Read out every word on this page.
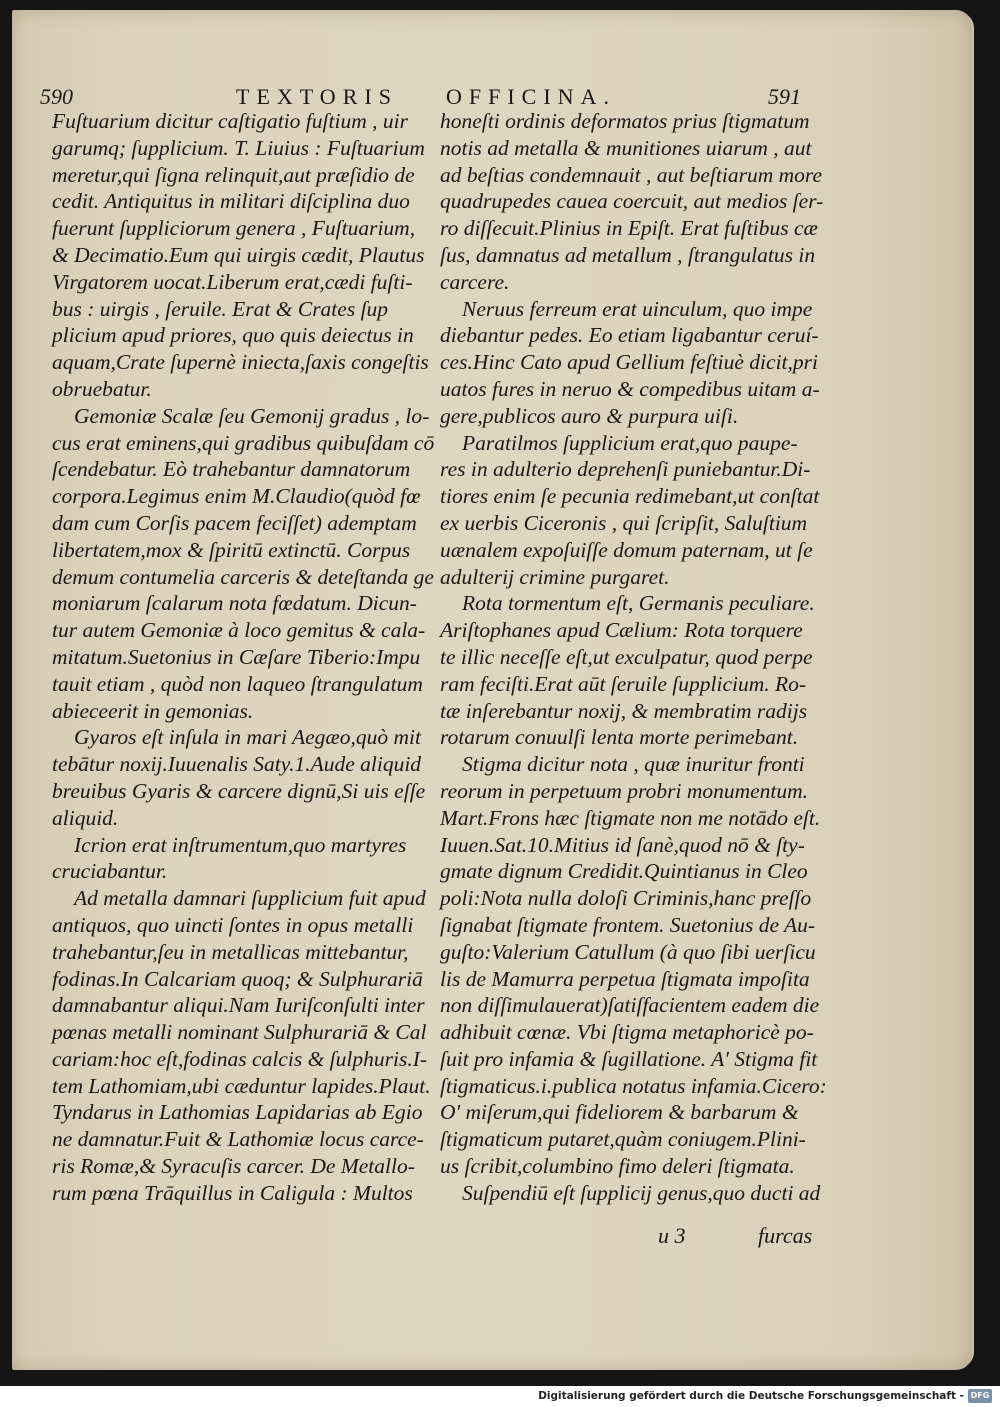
590	TEXTORIS OFFICINA.	591
Fuſtuarium dicitur caſtigatio fuſtium , uir
garumq; ſupplicium. T. Liuius : Fuſtuarium
meretur,qui ſigna relinquit,aut præſidio de
cedit. Antiquitus in militari diſciplina duo
fuerunt ſuppliciorum genera , Fuſtuarium,
& Decimatio.Eum qui uirgis cædit, Plautus
Virgatorem uocat.Liberum erat,cædi fuſti-
bus : uirgis , ſeruile. Erat & Crates ſup
plicium apud priores, quo quis deiectus in
aquam,Crate ſupernè iniecta,ſaxis congeſtis
obruebatur.
Gemoniæ Scalæ ſeu Gemonij gradus , lo-
cus erat eminens,qui gradibus quibuſdam cō
ſcendebatur. Eò trahebantur damnatorum
corpora.Legimus enim M.Claudio(quòd fœ
dam cum Corſis pacem feciſſet) ademptam
libertatem,mox & ſpiritū extinctū. Corpus
demum contumelia carceris & deteſtanda ge
moniarum ſcalarum nota fœdatum. Dicun-
tur autem Gemoniæ à loco gemitus & cala-
mitatum.Suetonius in Cæſare Tiberio:Impu
tauit etiam , quòd non laqueo ſtrangulatum
abieceerit in gemonias.
Gyaros eſt inſula in mari Aegæo,quò mit
tebātur noxij.Iuuenalis Saty.1.Aude aliquid
breuibus Gyaris & carcere dignū,Si uis eſſe
aliquid.
Icrion erat inſtrumentum,quo martyres
cruciabantur.
Ad metalla damnari ſupplicium fuit apud
antiquos, quo uincti ſontes in opus metalli
trahebantur,ſeu in metallicas mittebantur,
fodinas.In Calcariam quoq; & Sulphurariā
damnabantur aliqui.Nam Iuriſconſulti inter
pœnas metalli nominant Sulphurariā & Cal
cariam:hoc eſt,fodinas calcis & ſulphuris.I-
tem Lathomiam,ubi cæduntur lapides.Plaut.
Tyndarus in Lathomias Lapidarias ab Egio
ne damnatur.Fuit & Lathomiæ locus carce-
ris Romæ,& Syracuſis carcer. De Metallo-
rum pœna Trāquillus in Caligula : Multos
honeſti ordinis deformatos prius ſtigmatum
notis ad metalla & munitiones uiarum , aut
ad beſtias condemnauit , aut beſtiarum more
quadrupedes cauea coercuit, aut medios ſer-
ro diſſecuit.Plinius in Epiſt. Erat fuſtibus cæ
ſus, damnatus ad metallum , ſtrangulatus in
carcere.
Neruus ferreum erat uinculum, quo impe
diebantur pedes. Eo etiam ligabantur ceruí-
ces.Hinc Cato apud Gellium feſtiuè dicit,pri
uatos fures in neruo & compedibus uitam a-
gere,publicos auro & purpura uiſi.
Paratilmos ſupplicium erat,quo paupe-
res in adulterio deprehenſi puniebantur.Di-
tiores enim ſe pecunia redimebant,ut conſtat
ex uerbis Ciceronis , qui ſcripſit, Saluſtium
uænalem expoſuiſſe domum paternam, ut ſe
adulterij crimine purgaret.
Rota tormentum eſt, Germanis peculiare.
Ariſtophanes apud Cælium: Rota torquere
te illic neceſſe eſt,ut exculpatur, quod perpe
ram feciſti.Erat aūt ſeruile ſupplicium. Ro-
tæ inſerebantur noxij, & membratim radijs
rotarum conuulſi lenta morte perimebant.
Stigma dicitur nota , quæ inuritur fronti
reorum in perpetuum probri monumentum.
Mart.Frons hæc ſtigmate non me notādo eſt.
Iuuen.Sat.10.Mitius id ſanè,quod nō & ſty-
gmate dignum Credidit.Quintianus in Cleo
poli:Nota nulla doloſi Criminis,hanc preſſo
ſignabat ſtigmate frontem. Suetonius de Au-
guſto:Valerium Catullum (à quo ſibi uerſicu
lis de Mamurra perpetua ſtigmata impoſita
non diſſimulauerat)ſatiſfacientem eadem die
adhibuit cœnæ. Vbi ſtigma metaphoricè po-
ſuit pro infamia & ſugillatione. A' Stigma fit
ſtigmaticus.i.publica notatus infamia.Cicero:
O' miſerum,qui fideliorem & barbarum &
ſtigmaticum putaret,quàm coniugem.Plini-
us ſcribit,columbino fimo deleri ſtigmata.
Suſpendiū eſt ſupplicij genus,quo ducti ad
u 3	furcas
Digitalisierung gefördert durch die Deutsche Forschungsgemeinschaft - DFG
